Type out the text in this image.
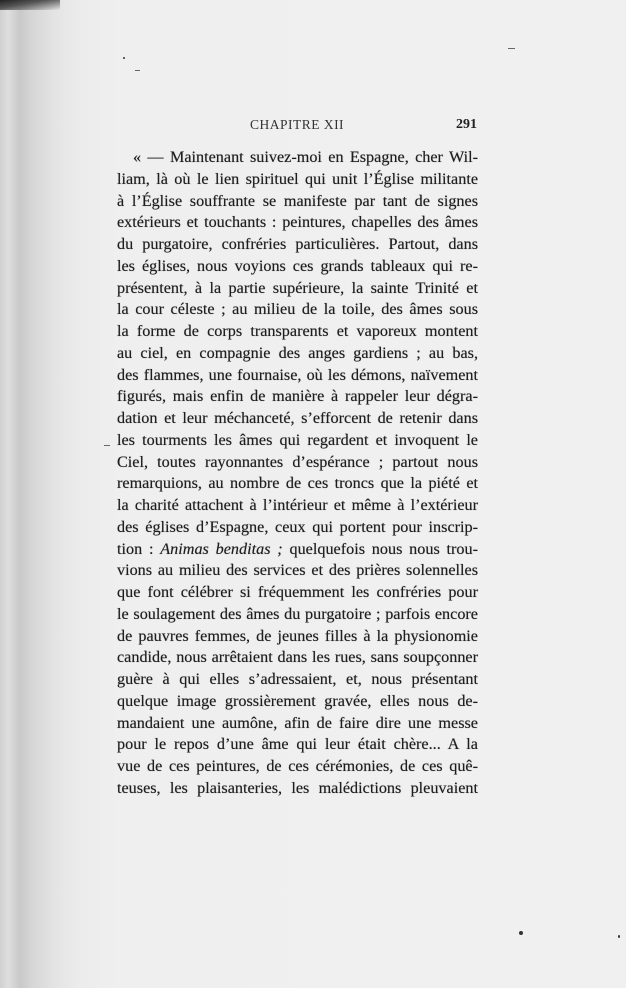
CHAPITRE XII	291
« — Maintenant suivez-moi en Espagne, cher Wil-
liam, là où le lien spirituel qui unit l’Église militante
à l’Église souffrante se manifeste par tant de signes
extérieurs et touchants : peintures, chapelles des âmes
du purgatoire, confréries particulières. Partout, dans
les églises, nous voyions ces grands tableaux qui re-
présentent, à la partie supérieure, la sainte Trinité et
la cour céleste ; au milieu de la toile, des âmes sous
la forme de corps transparents et vaporeux montent
au ciel, en compagnie des anges gardiens ; au bas,
des flammes, une fournaise, où les démons, naïvement
figurés, mais enfin de manière à rappeler leur dégra-
dation et leur méchanceté, s’efforcent de retenir dans
les tourments les âmes qui regardent et invoquent le
Ciel, toutes rayonnantes d’espérance ; partout nous
remarquions, au nombre de ces troncs que la piété et
la charité attachent à l’intérieur et même à l’extérieur
des églises d’Espagne, ceux qui portent pour inscrip-
tion : Animas benditas ; quelquefois nous nous trou-
vions au milieu des services et des prières solennelles
que font célébrer si fréquemment les confréries pour
le soulagement des âmes du purgatoire ; parfois encore
de pauvres femmes, de jeunes filles à la physionomie
candide, nous arrêtaient dans les rues, sans soupçonner
guère à qui elles s’adressaient, et, nous présentant
quelque image grossièrement gravée, elles nous de-
mandaient une aumône, afin de faire dire une messe
pour le repos d’une âme qui leur était chère... A la
vue de ces peintures, de ces cérémonies, de ces quê-
teuses, les plaisanteries, les malédictions pleuvaient
